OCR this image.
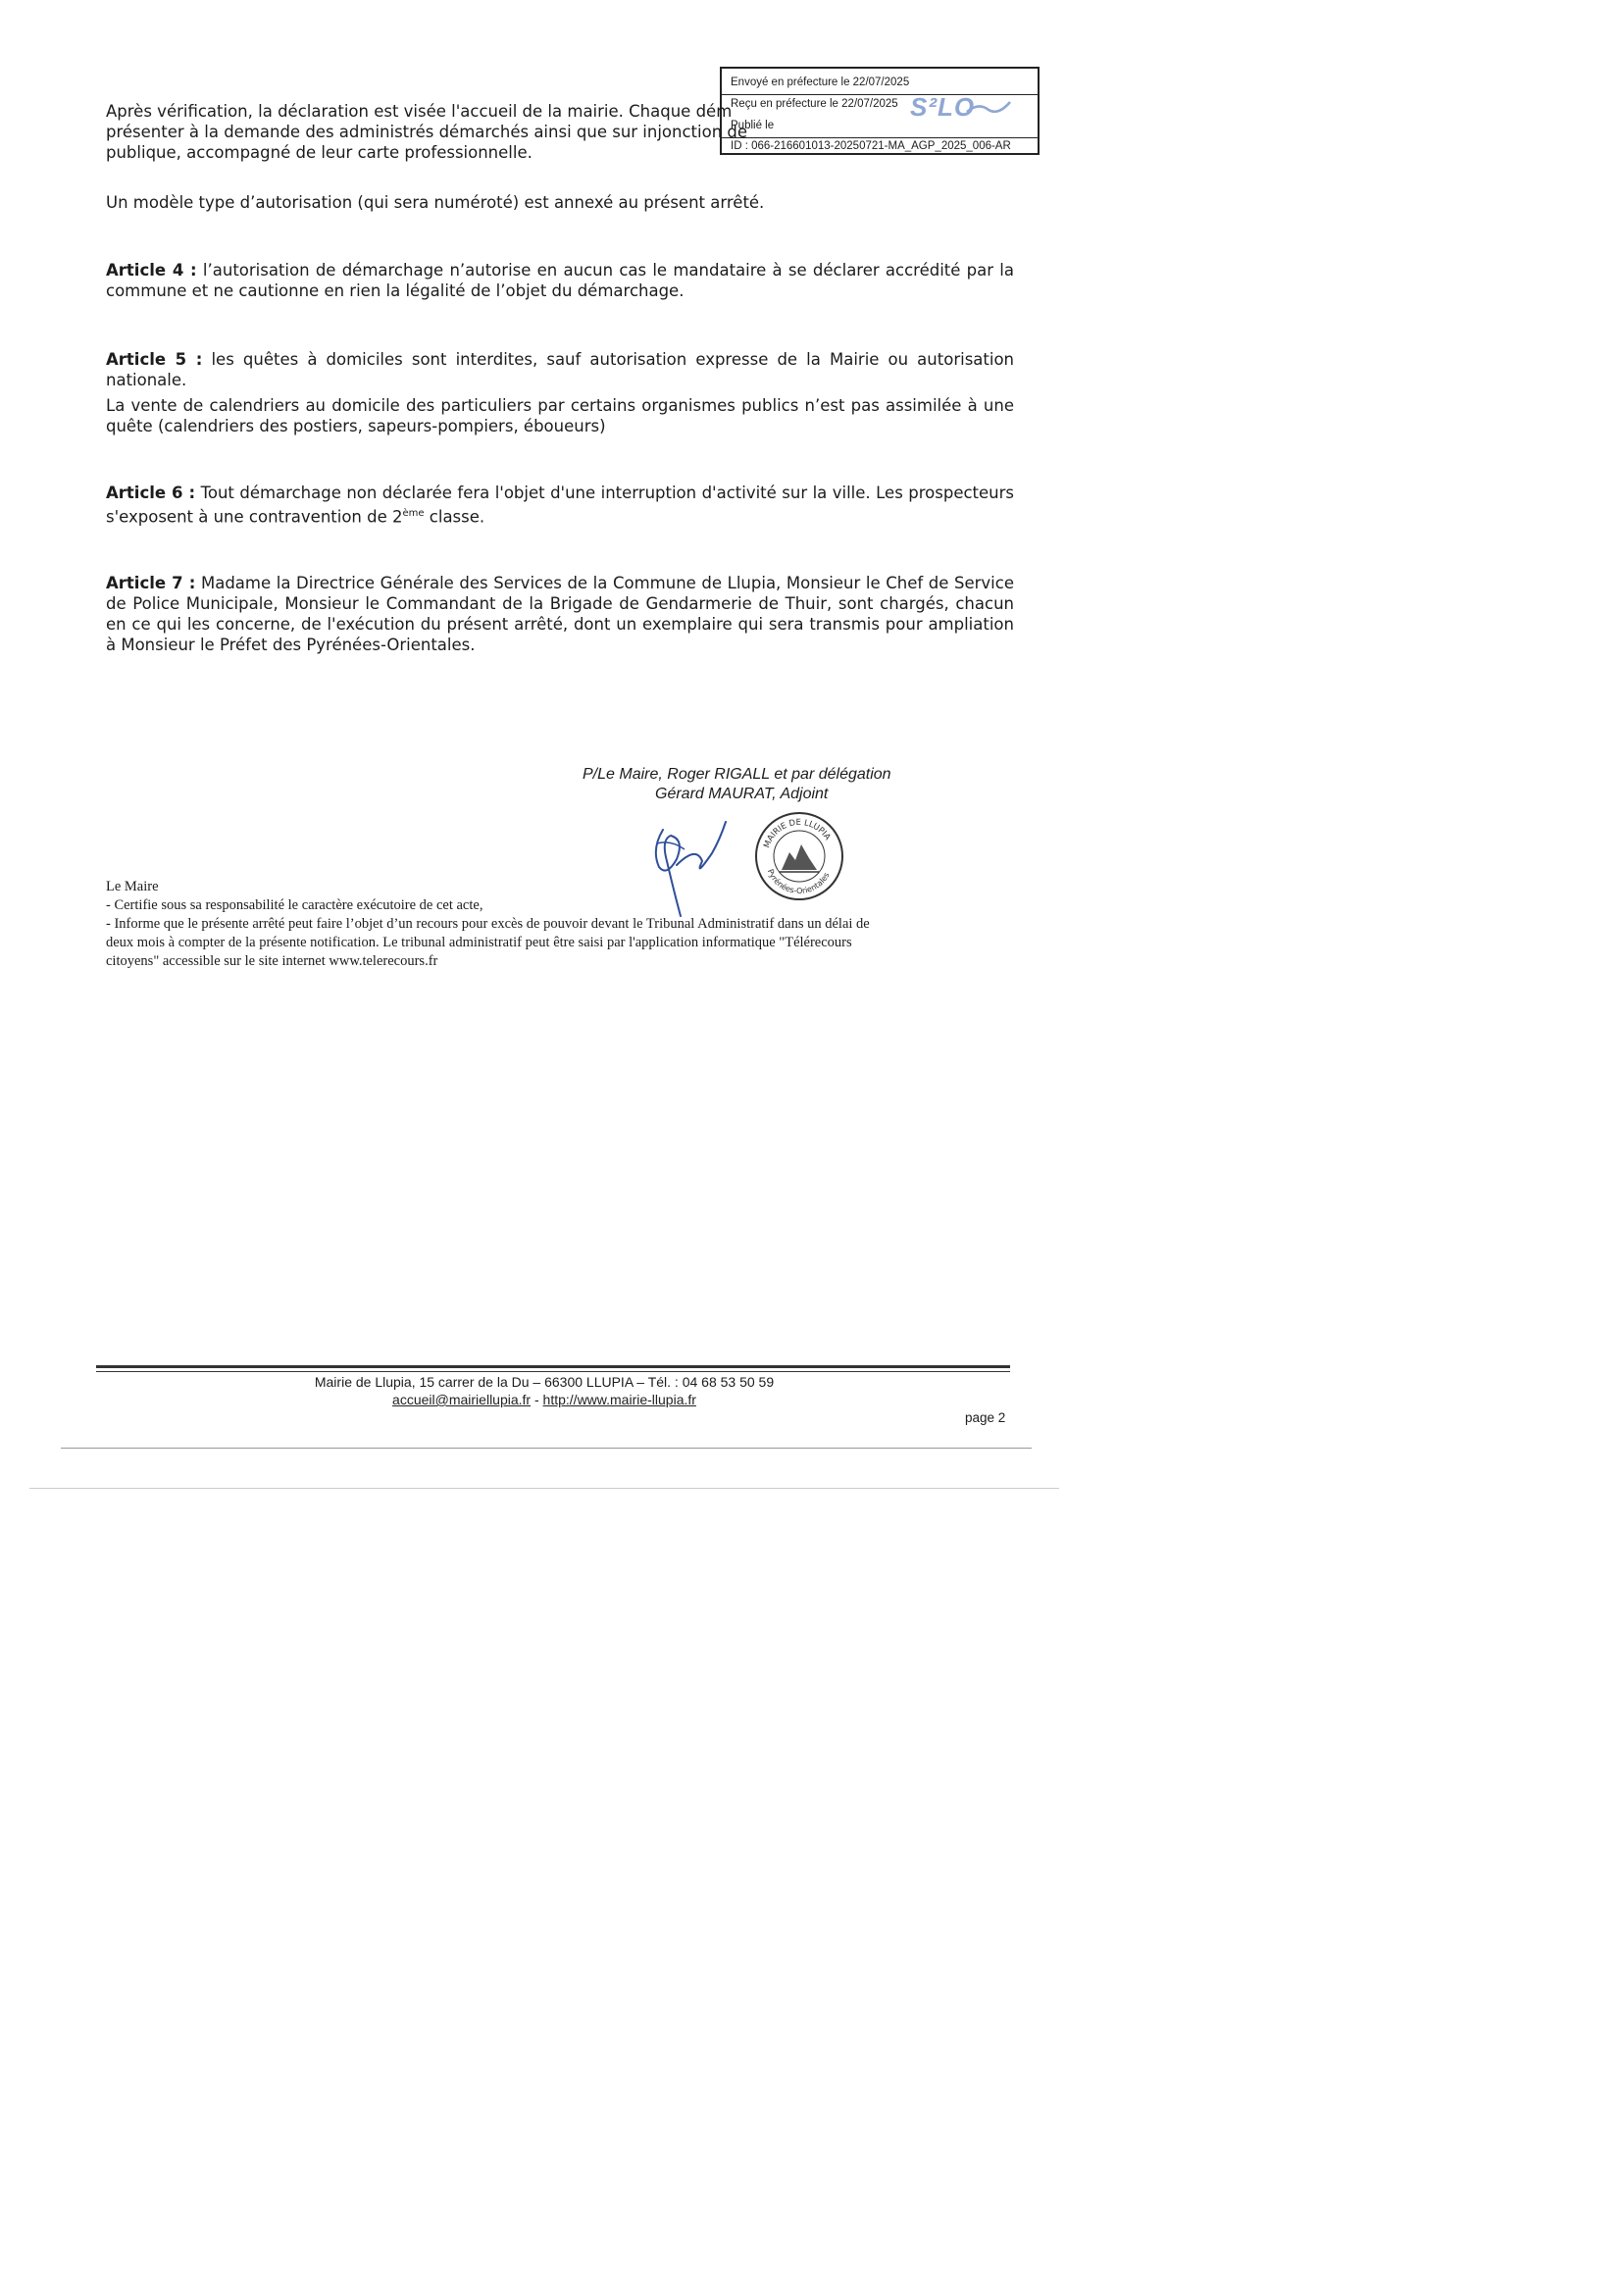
Envoyé en préfecture le 22/07/2025
Reçu en préfecture le 22/07/2025
Publié le
ID : 066-216601013-20250721-MA_AGP_2025_006-AR
S²LO
Après vérification, la déclaration est visée l'accueil de la mairie. Chaque dém
présenter à la demande des administrés démarchés ainsi que sur injonction de
publique, accompagné de leur carte professionnelle.
Un modèle type d’autorisation (qui sera numéroté) est annexé au présent arrêté.
Article 4 : l’autorisation de démarchage n’autorise en aucun cas le mandataire à se déclarer accrédité par la commune et ne cautionne en rien la légalité de l’objet du démarchage.
Article 5 : les quêtes à domiciles sont interdites, sauf autorisation expresse de la Mairie ou autorisation nationale.
La vente de calendriers au domicile des particuliers par certains organismes publics n’est pas assimilée à une quête (calendriers des postiers, sapeurs-pompiers, éboueurs)
Article 6 : Tout démarchage non déclarée fera l'objet d'une interruption d'activité sur la ville. Les prospecteurs s'exposent à une contravention de 2ème classe.
Article 7 : Madame la Directrice Générale des Services de la Commune de Llupia, Monsieur le Chef de Service de Police Municipale, Monsieur le Commandant de la Brigade de Gendarmerie de Thuir, sont chargés, chacun en ce qui les concerne, de l'exécution du présent arrêté, dont un exemplaire qui sera transmis pour ampliation à Monsieur le Préfet des Pyrénées-Orientales.
P/Le Maire, Roger RIGALL et par délégation
Gérard MAURAT, Adjoint
MAIRIE DE LLUPIA
Pyrénées-Orientales
Le Maire
- Certifie sous sa responsabilité le caractère exécutoire de cet acte,
- Informe que le présente arrêté peut faire l’objet d’un recours pour excès de pouvoir devant le Tribunal Administratif dans un délai de
deux mois à compter de la présente notification. Le tribunal administratif peut être saisi par l'application informatique "Télérecours
citoyens" accessible sur le site internet www.telerecours.fr
Mairie de Llupia, 15 carrer de la Du – 66300 LLUPIA – Tél. : 04 68 53 50 59
accueil@mairiellupia.fr - http://www.mairie-llupia.fr
page 2
